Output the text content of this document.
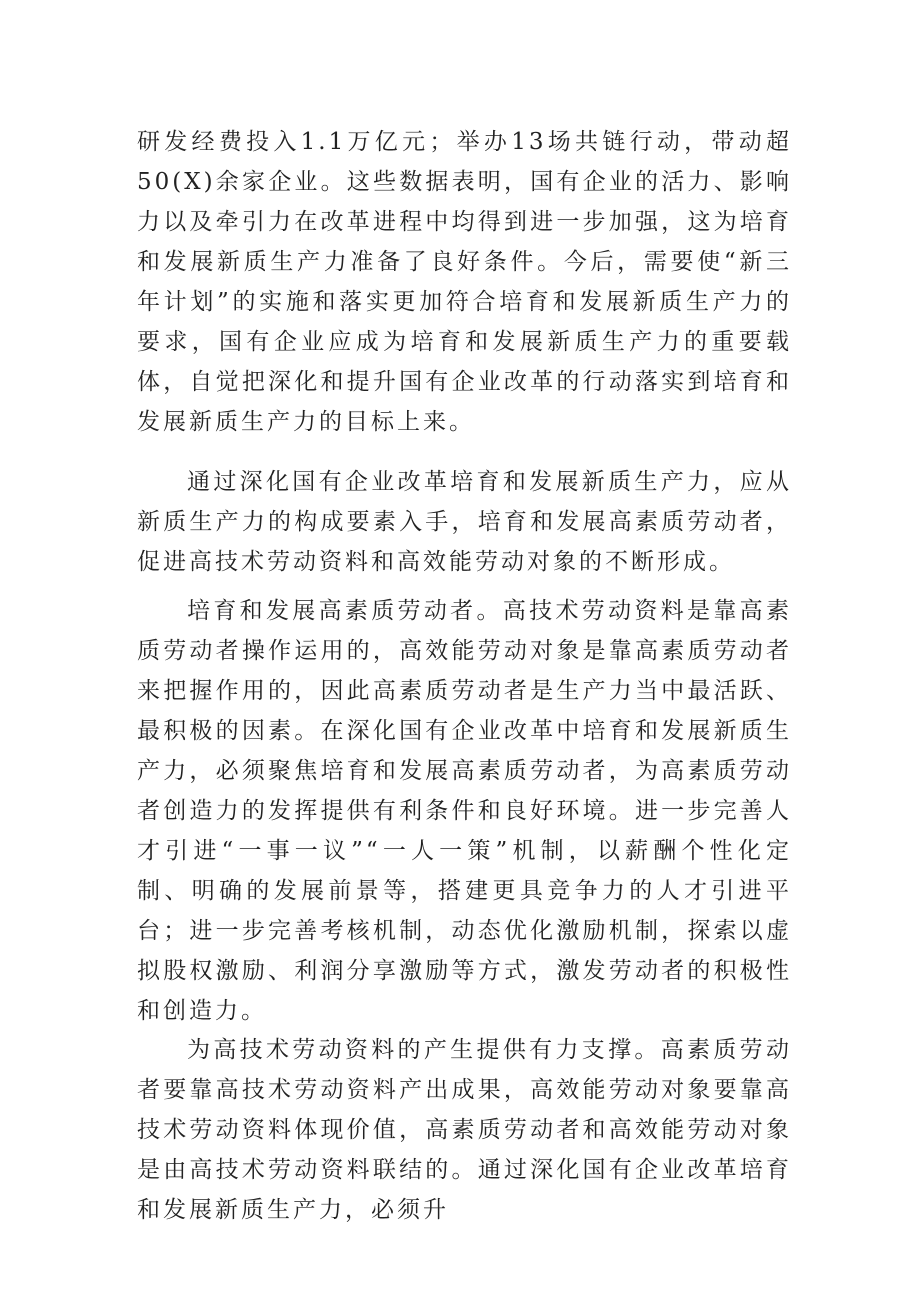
研发经费投入1.1万亿元；举办13场共链行动，带动超50(X)余家企业。这些数据表明，国有企业的活力、影响力以及牵引力在改革进程中均得到进一步加强，这为培育和发展新质生产力准备了良好条件。今后，需要使“新三年计划”的实施和落实更加符合培育和发展新质生产力的要求，国有企业应成为培育和发展新质生产力的重要载体，自觉把深化和提升国有企业改革的行动落实到培育和发展新质生产力的目标上来。

通过深化国有企业改革培育和发展新质生产力，应从新质生产力的构成要素入手，培育和发展高素质劳动者，促进高技术劳动资料和高效能劳动对象的不断形成。

培育和发展高素质劳动者。高技术劳动资料是靠高素质劳动者操作运用的，高效能劳动对象是靠高素质劳动者来把握作用的，因此高素质劳动者是生产力当中最活跃、最积极的因素。在深化国有企业改革中培育和发展新质生产力，必须聚焦培育和发展高素质劳动者，为高素质劳动者创造力的发挥提供有利条件和良好环境。进一步完善人才引进“一事一议”“一人一策”机制，以薪酬个性化定制、明确的发展前景等，搭建更具竞争力的人才引进平台；进一步完善考核机制，动态优化激励机制，探索以虚拟股权激励、利润分享激励等方式，激发劳动者的积极性和创造力。

为高技术劳动资料的产生提供有力支撑。高素质劳动者要靠高技术劳动资料产出成果，高效能劳动对象要靠高技术劳动资料体现价值，高素质劳动者和高效能劳动对象是由高技术劳动资料联结的。通过深化国有企业改革培育和发展新质生产力，必须升
